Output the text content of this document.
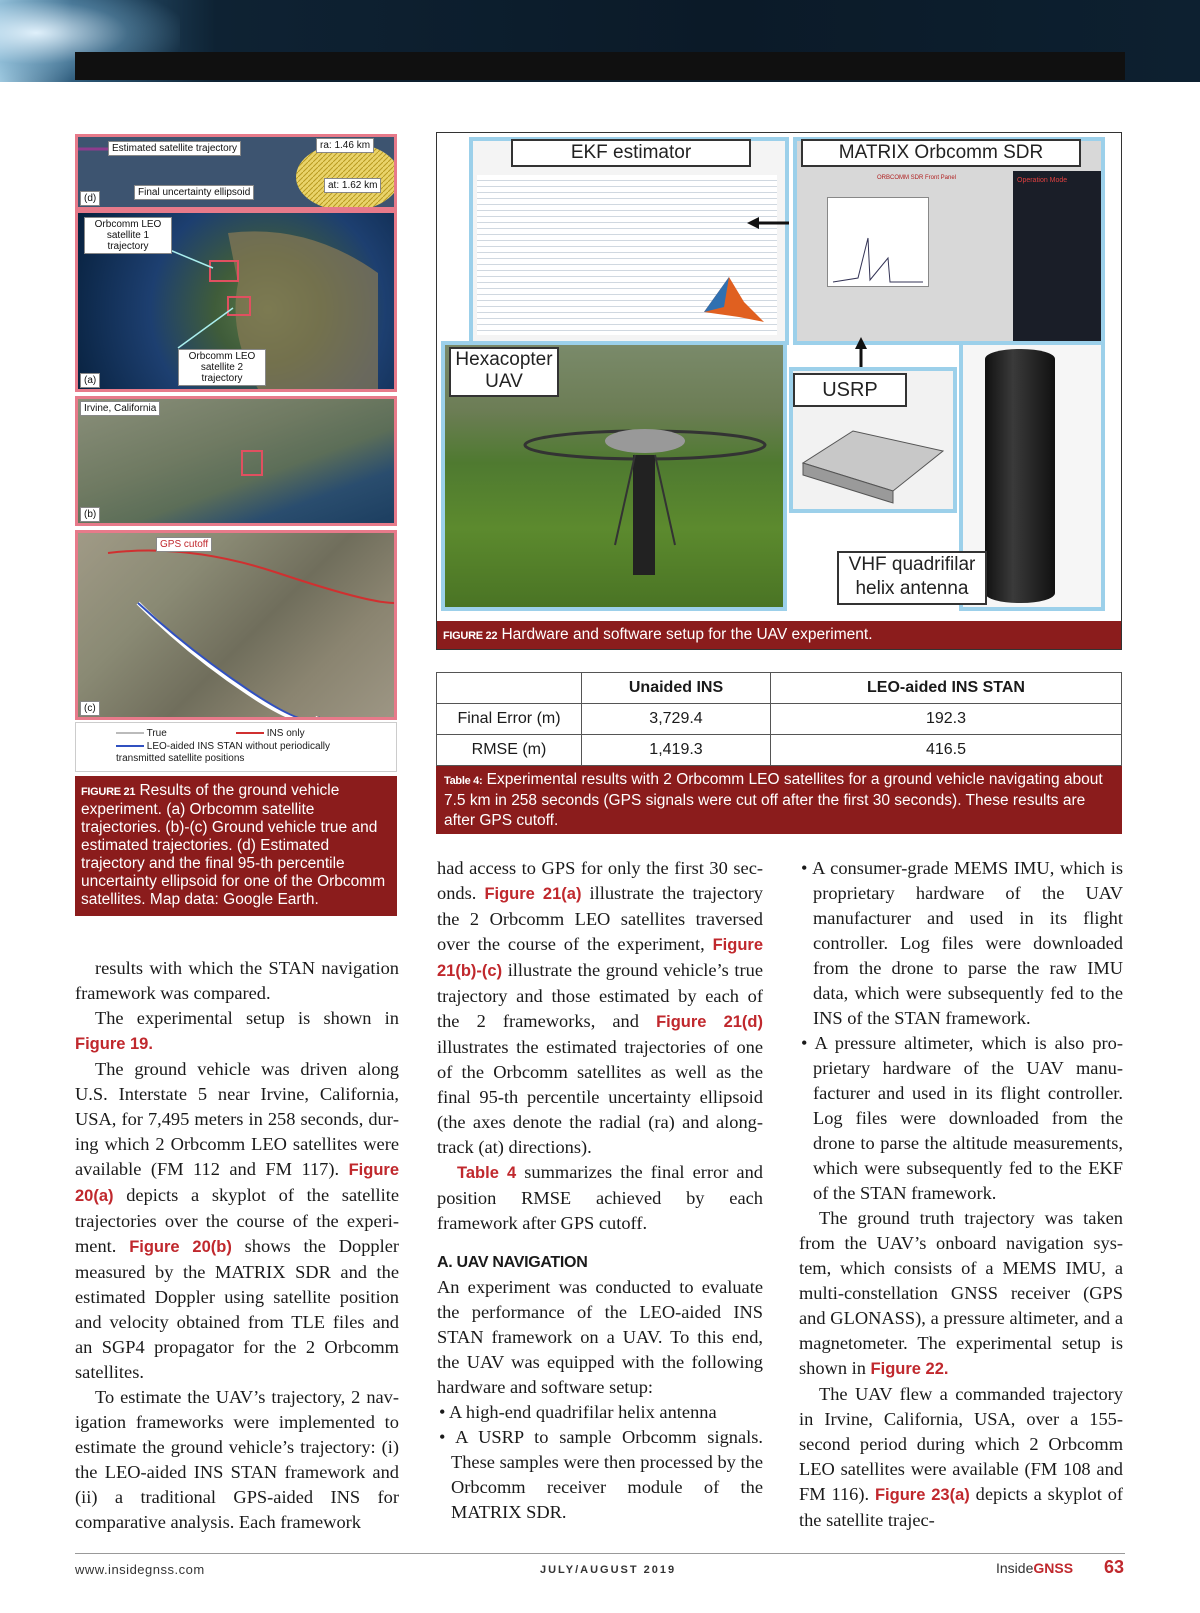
Estimated satellite trajectory	ra: 1.46 km
at: 1.62 km
(d)
Final uncertainty ellipsoid
Orbcomm LEO satellite 1 trajectory
Orbcomm LEO satellite 2 trajectory
(a)
Irvine, California
(b)
GPS cutoff
(c)
True	INS only
LEO-aided INS STAN without periodically transmitted satellite positions
FIGURE 21 Results of the ground vehicle experiment. (a) Orbcomm satellite trajectories. (b)-(c) Ground vehicle true and estimated trajectories. (d) Estimated trajectory and the final 95-th percentile uncertainty ellipsoid for one of the Orbcomm satellites. Map data: Google Earth.
EKF estimator
ORBCOMM SDR Front Panel	Operation Mode
MATRIX Orbcomm SDR
Hexacopter
UAV	USRP
VHF quadrifilar
helix antenna
FIGURE 22 Hardware and software setup for the UAV experiment.
	Unaided INS	LEO-aided INS STAN
Final Error (m)	3,729.4	192.3
RMSE (m)	1,419.3	416.5
Table 4: Experimental results with 2 Orbcomm LEO satellites for a ground vehicle navigating about 7.5 km in 258 seconds (GPS signals were cut off after the first 30 seconds). These results are after GPS cutoff.

results with which the STAN navigation framework was compared.

The experimental setup is shown in Figure 19.

The ground vehicle was driven along U.S. Interstate 5 near Irvine, California, USA, for 7,495 meters in 258 seconds, during which 2 Orbcomm LEO satellites were available (FM 112 and FM 117). Figure 20(a) depicts a skyplot of the satellite trajectories over the course of the experiment. Figure 20(b) shows the Doppler measured by the MATRIX SDR and the estimated Doppler using satellite position and velocity obtained from TLE files and an SGP4 propagator for the 2 Orbcomm satellites.

To estimate the UAV’s trajectory, 2 navigation frameworks were implemented to estimate the ground vehicle’s trajectory: (i) the LEO-aided INS STAN framework and (ii) a traditional GPS-aided INS for comparative analysis. Each framework

had access to GPS for only the first 30 seconds. Figure 21(a) illustrate the trajectory the 2 Orbcomm LEO satellites traversed over the course of the experiment, Figure 21(b)-(c) illustrate the ground vehicle’s true trajectory and those estimated by each of the 2 frameworks, and Figure 21(d) illustrates the estimated trajectories of one of the Orbcomm satellites as well as the final 95-th percentile uncertainty ellipsoid (the axes denote the radial (ra) and along-track (at) directions).

Table 4 summarizes the final error and position RMSE achieved by each framework after GPS cutoff.

A. UAV NAVIGATION

An experiment was conducted to evaluate the performance of the LEO-aided INS STAN framework on a UAV. To this end, the UAV was equipped with the following hardware and software setup:

• A high-end quadrifilar helix antenna

• A USRP to sample Orbcomm signals. These samples were then processed by the Orbcomm receiver module of the MATRIX SDR.

• A consumer-grade MEMS IMU, which is proprietary hardware of the UAV manufacturer and used in its flight controller. Log files were downloaded from the drone to parse the raw IMU data, which were subsequently fed to the INS of the STAN framework.

• A pressure altimeter, which is also proprietary hardware of the UAV manufacturer and used in its flight controller. Log files were downloaded from the drone to parse the altitude measurements, which were subsequently fed to the EKF of the STAN framework.

The ground truth trajectory was taken from the UAV’s onboard navigation system, which consists of a MEMS IMU, a multi-constellation GNSS receiver (GPS and GLONASS), a pressure altimeter, and a magnetometer. The experimental setup is shown in Figure 22.

The UAV flew a commanded trajectory in Irvine, California, USA, over a 155-second period during which 2 Orbcomm LEO satellites were available (FM 108 and FM 116). Figure 23(a) depicts a skyplot of the satellite trajec-

www.insidegnss.com	JULY/AUGUST 2019	InsideGNSS 63
